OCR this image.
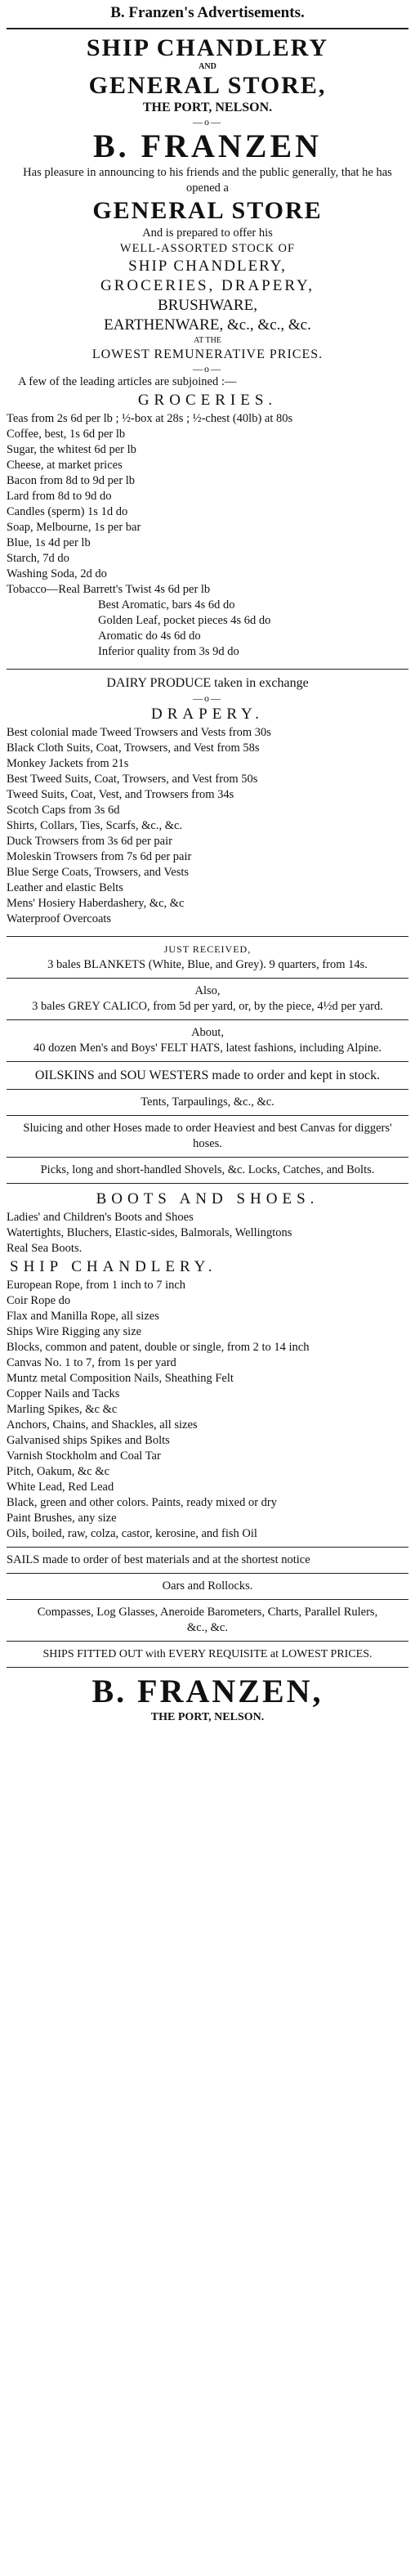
B. Franzen's Advertisements.
SHIP CHANDLERY
AND
GENERAL STORE,
THE PORT, NELSON.
—o—
B. FRANZEN
Has pleasure in announcing to his friends and the public generally, that he has opened a
GENERAL STORE
And is prepared to offer his
WELL-ASSORTED STOCK OF
SHIP CHANDLERY,
GROCERIES, DRAPERY,
BRUSHWARE,
EARTHENWARE, &c., &c., &c.
AT THE
LOWEST REMUNERATIVE PRICES.
—o—
A few of the leading articles are subjoined :—
GROCERIES.
Teas from 2s 6d per lb ; ½-box at 28s ; ½-chest (40lb) at 80s
Coffee, best, 1s 6d per lb
Sugar, the whitest 6d per lb
Cheese, at market prices
Bacon from 8d to 9d per lb
Lard from 8d to 9d do
Candles (sperm) 1s 1d do
Soap, Melbourne, 1s per bar
Blue, 1s 4d per lb
Starch, 7d do
Washing Soda, 2d do
Tobacco—Real Barrett's Twist 4s 6d per lb
Best Aromatic, bars 4s 6d do
Golden Leaf, pocket pieces 4s 6d do
Aromatic do 4s 6d do
Inferior quality from 3s 9d do
DAIRY PRODUCE taken in exchange
—o—
DRAPERY.
Best colonial made Tweed Trowsers and Vests from 30s
Black Cloth Suits, Coat, Trowsers, and Vest from 58s
Monkey Jackets from 21s
Best Tweed Suits, Coat, Trowsers, and Vest from 50s
Tweed Suits, Coat, Vest, and Trowsers from 34s
Scotch Caps from 3s 6d
Shirts, Collars, Ties, Scarfs, &c., &c.
Duck Trowsers from 3s 6d per pair
Moleskin Trowsers from 7s 6d per pair
Blue Serge Coats, Trowsers, and Vests
Leather and elastic Belts
Mens' Hosiery Haberdashery, &c, &c
Waterproof Overcoats
JUST RECEIVED,
3 bales BLANKETS (White, Blue, and Grey). 9 quarters, from 14s.
Also,
3 bales GREY CALICO, from 5d per yard, or, by the piece, 4½d per yard.
About,
40 dozen Men's and Boys' FELT HATS, latest fashions, including Alpine.
OILSKINS and SOU WESTERS made to order and kept in stock.
Tents, Tarpaulings, &c., &c.
Sluicing and other Hoses made to order Heaviest and best Canvas for diggers' hoses.
Picks, long and short-handled Shovels, &c. Locks, Catches, and Bolts.
BOOTS AND SHOES.
Ladies' and Children's Boots and Shoes
Watertights, Bluchers, Elastic-sides, Balmorals, Wellingtons
Real Sea Boots.
SHIP CHANDLERY.
European Rope, from 1 inch to 7 inch
Coir Rope do
Flax and Manilla Rope, all sizes
Ships Wire Rigging any size
Blocks, common and patent, double or single, from 2 to 14 inch
Canvas No. 1 to 7, from 1s per yard
Muntz metal Composition Nails, Sheathing Felt
Copper Nails and Tacks
Marling Spikes, &c &c
Anchors, Chains, and Shackles, all sizes
Galvanised ships Spikes and Bolts
Varnish Stockholm and Coal Tar
Pitch, Oakum, &c &c
White Lead, Red Lead
Black, green and other colors. Paints, ready mixed or dry
Paint Brushes, any size
Oils, boiled, raw, colza, castor, kerosine, and fish Oil
SAILS made to order of best materials and at the shortest notice
Oars and Rollocks.
Compasses, Log Glasses, Aneroide Barometers, Charts, Parallel Rulers, &c., &c.
SHIPS FITTED OUT with EVERY REQUISITE at LOWEST PRICES.
B. FRANZEN,
THE PORT, NELSON.
